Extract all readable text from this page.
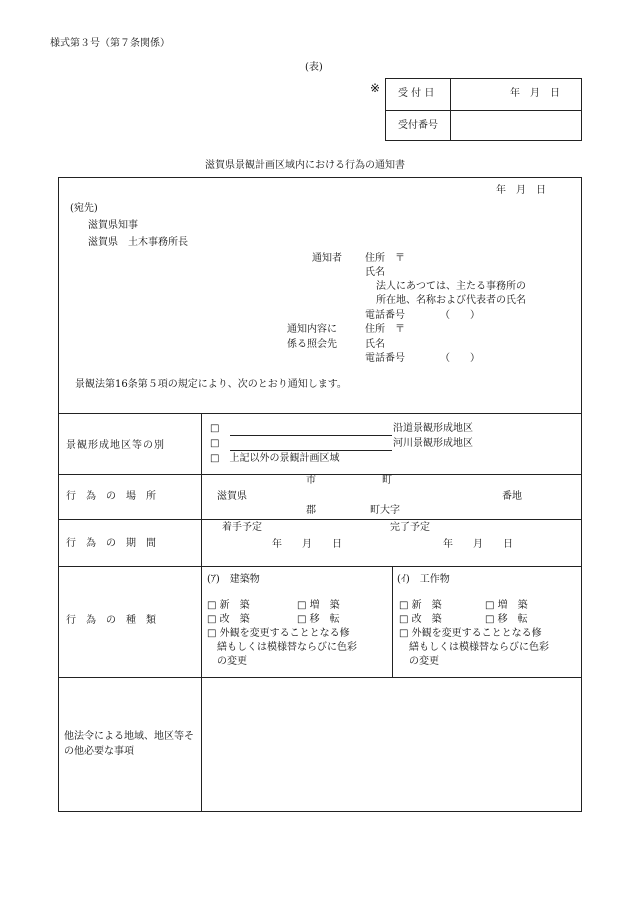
様式第３号（第７条関係）
(表)
※ 受 付 日	年　月　日
受付番号
滋賀県景観計画区域内における行為の通知書
年　月　日
(宛先)
滋賀県知事
滋賀県　土木事務所長
通知者 住所　〒
氏名
法人にあつては、主たる事務所の
所在地、名称および代表者の氏名
電話番号　　　　（　　）
通知内容に
係る照会先
住所　〒
氏名
電話番号　　　　（　　）
景観法第16条第５項の規定により、次のとおり通知します。
景観形成地区等の別
□	沿道景観形成地区
□	河川景観形成地区
□　上記以外の景観計画区域
行　為　の　場　所
市	町
滋賀県	番地
郡	町大字
行　為　の　期　間
着手予定	完了予定
年　　月　　日	年　　月　　日
行　為　の　種　類
(ｱ)　建築物
□ 新　築	□ 増　築
□ 改　築	□ 移　転
□ 外観を変更することとなる修
繕もしくは模様替ならびに色彩
の変更
(ｲ)　工作物
□ 新　築	□ 増　築
□ 改　築	□ 移　転
□ 外観を変更することとなる修
繕もしくは模様替ならびに色彩
の変更
他法令による地域、地区等そ
の他必要な事項
